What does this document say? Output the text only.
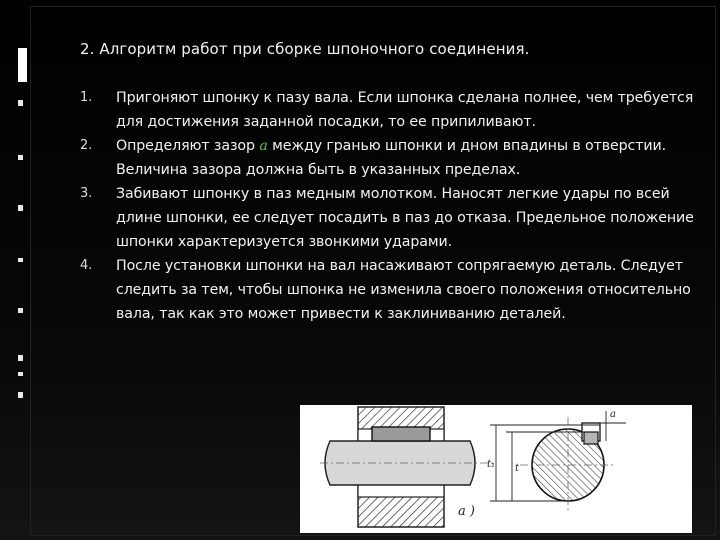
2. Алгоритм работ при сборке шпоночного соединения.
1.	Пригоняют шпонку к пазу вала. Если шпонка сделана полнее, чем требуется для достижения заданной посадки, то ее припиливают.
2.	Определяют зазор а между гранью шпонки и дном впадины в отверстии. Величина зазора должна быть в указанных пределах.
3.	Забивают шпонку в паз медным молотком. Наносят легкие удары по всей длине шпонки, ее следует посадить в паз до отказа. Предельное положение шпонки характеризуется звонкими ударами.
4.	После установки шпонки на вал насаживают сопрягаемую деталь. Следует следить за тем, чтобы шпонка не изменила своего положения относительно вала, так как это может привести к заклиниванию деталей.
t₁ t
a
а )
